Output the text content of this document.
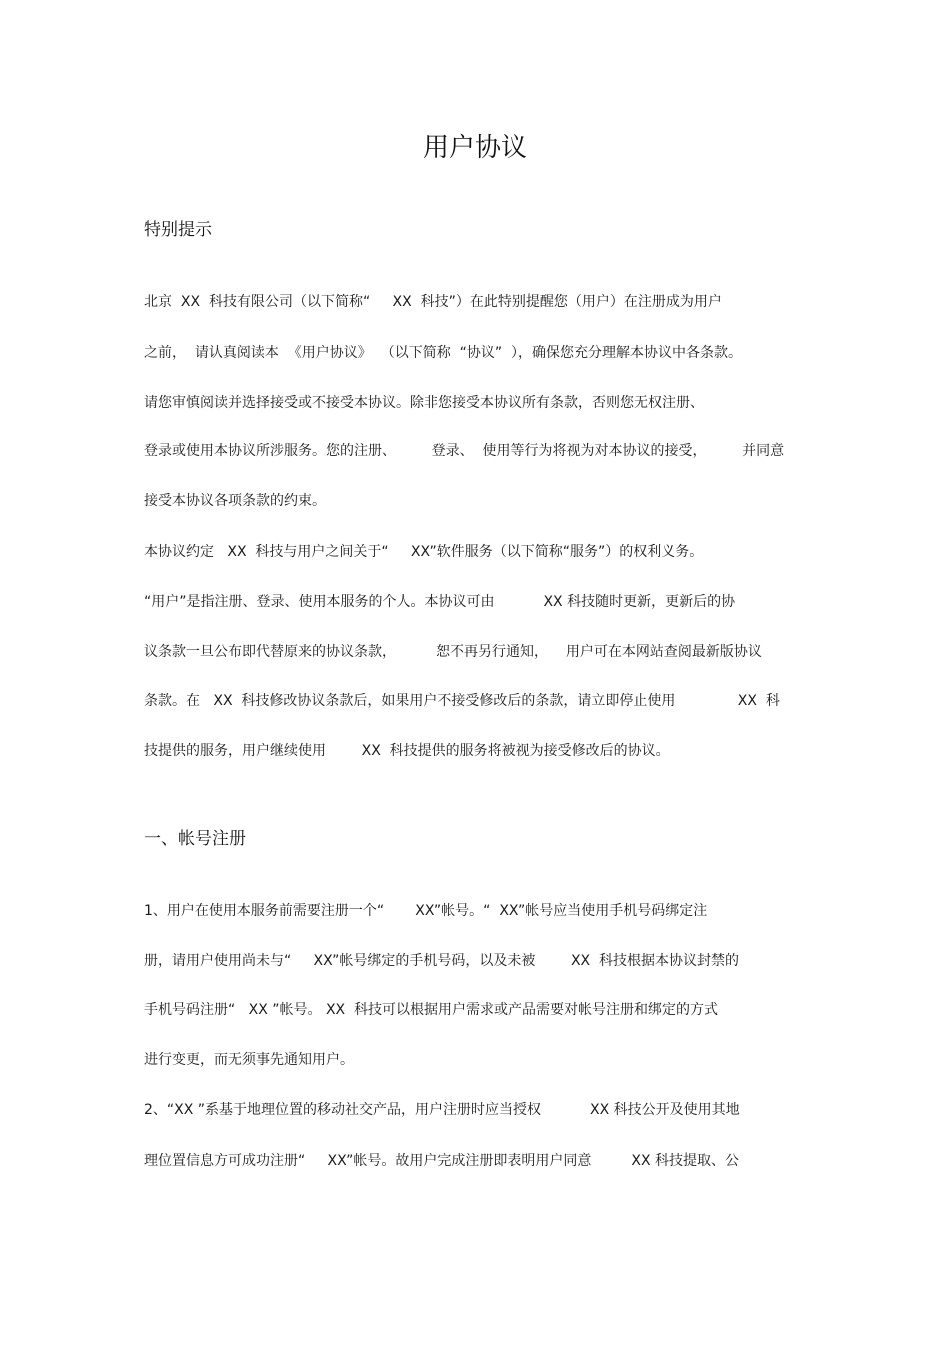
用户协议
特别提示
北京  XX  科技有限公司（以下简称“     XX  科技”）在此特别提醒您（用户）在注册成为用户
之前，  请认真阅读本  《用户协议》  （以下简称  “协议”  ），确保您充分理解本协议中各条款。
请您审慎阅读并选择接受或不接受本协议。除非您接受本协议所有条款，否则您无权注册、
登录或使用本协议所涉服务。您的注册、        登录、  使用等行为将视为对本协议的接受，        并同意
接受本协议各项条款的约束。
本协议约定   XX  科技与用户之间关于“     XX”软件服务（以下简称“服务”）的权利义务。
“用户”是指注册、登录、使用本服务的个人。本协议可由           XX 科技随时更新，更新后的协
议条款一旦公布即代替原来的协议条款，         恕不再另行通知，    用户可在本网站查阅最新版协议
条款。在   XX  科技修改协议条款后，如果用户不接受修改后的条款，请立即停止使用              XX  科
技提供的服务，用户继续使用        XX  科技提供的服务将被视为接受修改后的协议。
一、帐号注册
1、用户在使用本服务前需要注册一个“       XX”帐号。“  XX”帐号应当使用手机号码绑定注
册，请用户使用尚未与“     XX”帐号绑定的手机号码，以及未被        XX  科技根据本协议封禁的
手机号码注册“   XX ”帐号。 XX  科技可以根据用户需求或产品需要对帐号注册和绑定的方式
进行变更，而无须事先通知用户。
2、“XX ”系基于地理位置的移动社交产品，用户注册时应当授权           XX 科技公开及使用其地
理位置信息方可成功注册“     XX”帐号。故用户完成注册即表明用户同意         XX 科技提取、公
